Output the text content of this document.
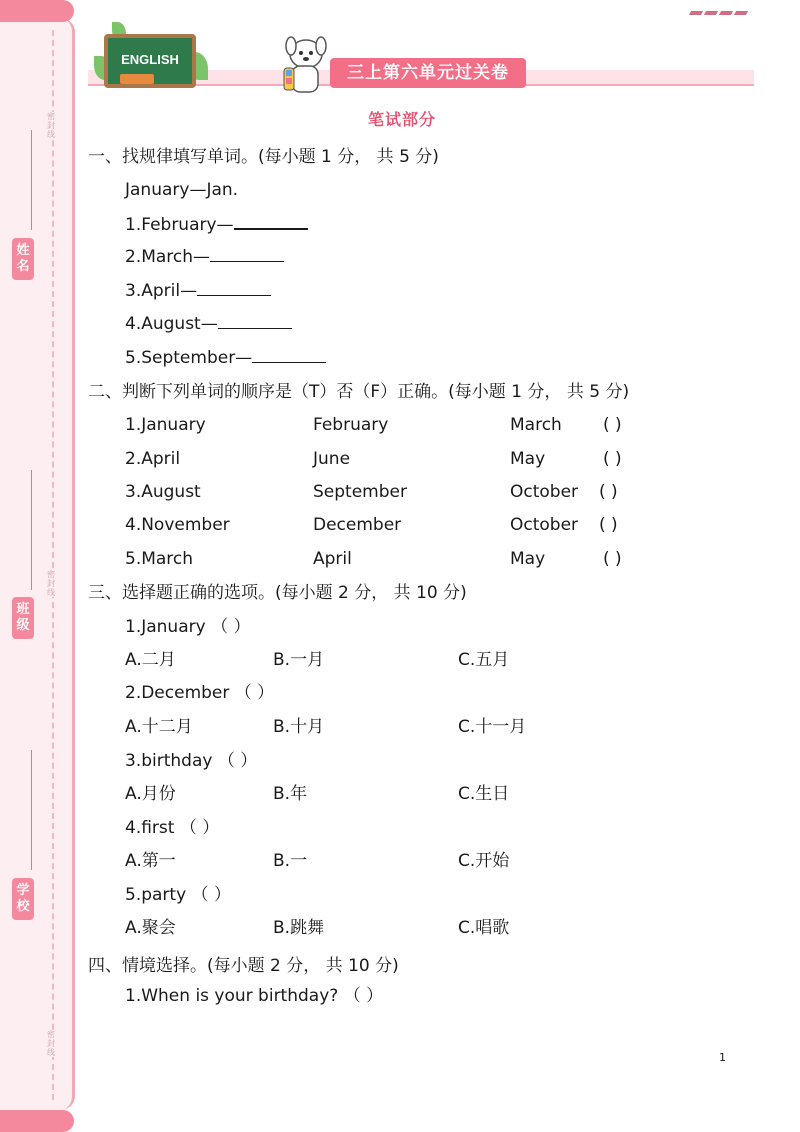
密封线
密封线
密封线
姓名
班级
学校
ENGLISH
三上第六单元过关卷
笔试部分
一、找规律填写单词。(每小题 1 分， 共 5 分)
January—Jan.
1.February—
2.March—
3.April—
4.August—
5.September—
二、判断下列单词的顺序是（T）否（F）正确。(每小题 1 分， 共 5 分)
1.January	February	March ( )
2.April	June	May	( )
3.August	September	October ( )
4.November	December	October ( )
5.March	April	May	( )
三、选择题正确的选项。(每小题 2 分， 共 10 分)
1.January （ ）
A.二月	B.一月	C.五月
2.December （ ）
A.十二月	B.十月	C.十一月
3.birthday （ ）
A.月份	B.年	C.生日
4.first （ ）
A.第一	B.一	C.开始
5.party （ ）
A.聚会	B.跳舞	C.唱歌
四、情境选择。(每小题 2 分， 共 10 分)
1.When is your birthday? （ ）
1
